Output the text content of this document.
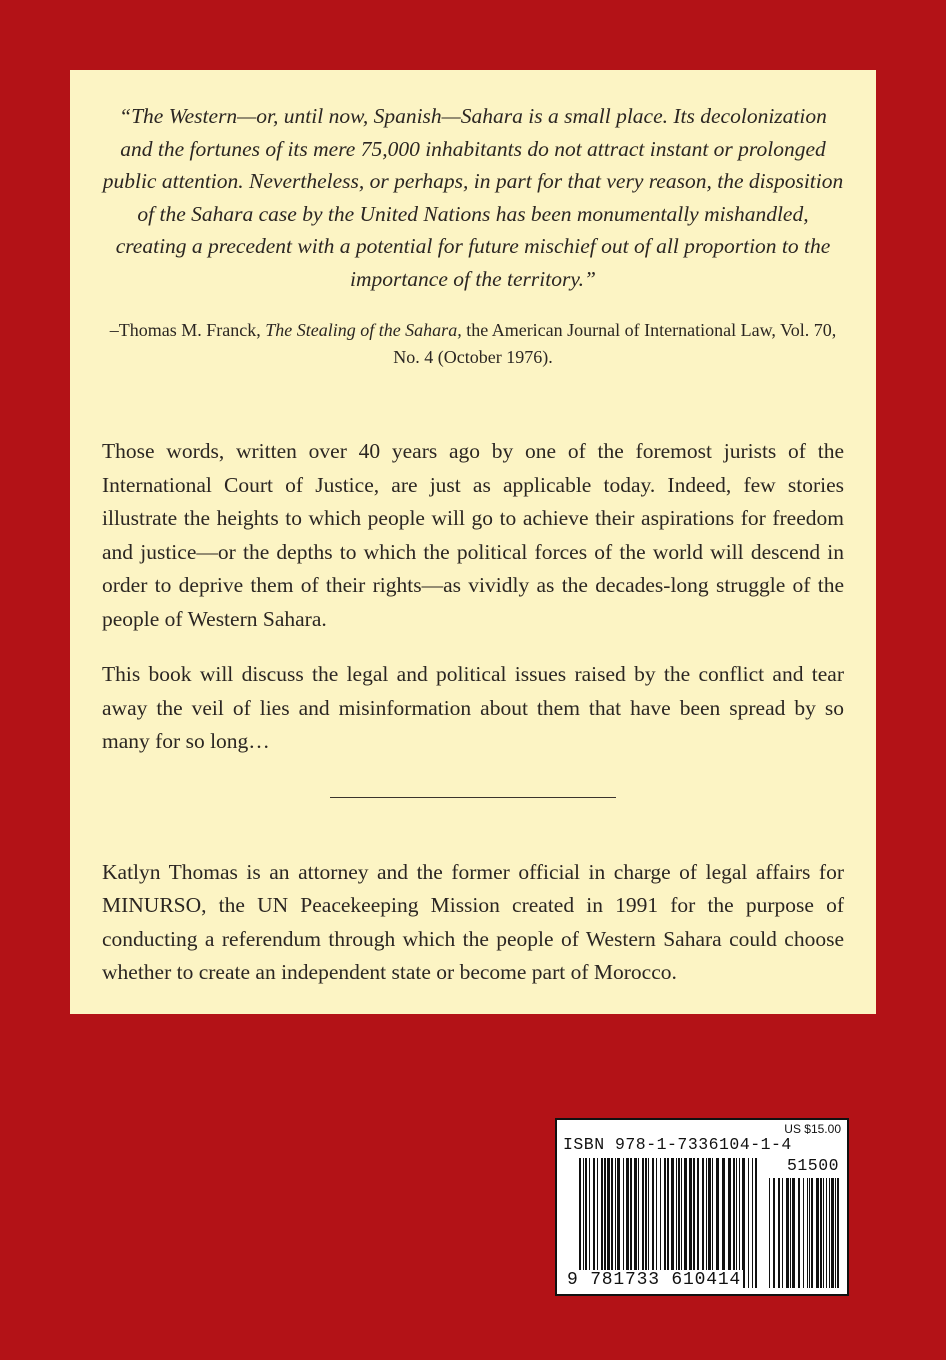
“The Western—or, until now, Spanish—Sahara is a small place. Its decolonization and the fortunes of its mere 75,000 inhabitants do not attract instant or prolonged public attention. Nevertheless, or perhaps, in part for that very reason, the disposition of the Sahara case by the United Nations has been monumentally mishandled, creating a precedent with a potential for future mischief out of all proportion to the importance of the territory.”

–Thomas M. Franck, The Stealing of the Sahara, the American Journal of International Law, Vol. 70, No. 4 (October 1976).

Those words, written over 40 years ago by one of the foremost jurists of the International Court of Justice, are just as applicable today. Indeed, few stories illustrate the heights to which people will go to achieve their aspirations for freedom and justice—or the depths to which the political forces of the world will descend in order to deprive them of their rights—as vividly as the decades-long struggle of the people of Western Sahara.

This book will discuss the legal and political issues raised by the conflict and tear away the veil of lies and misinformation about them that have been spread by so many for so long…

Katlyn Thomas is an attorney and the former official in charge of legal affairs for MINURSO, the UN Peacekeeping Mission created in 1991 for the purpose of conducting a referendum through which the people of Western Sahara could choose whether to create an independent state or become part of Morocco.

US $15.00
ISBN 978-1-7336104-1-4
51500
9 781733 610414
